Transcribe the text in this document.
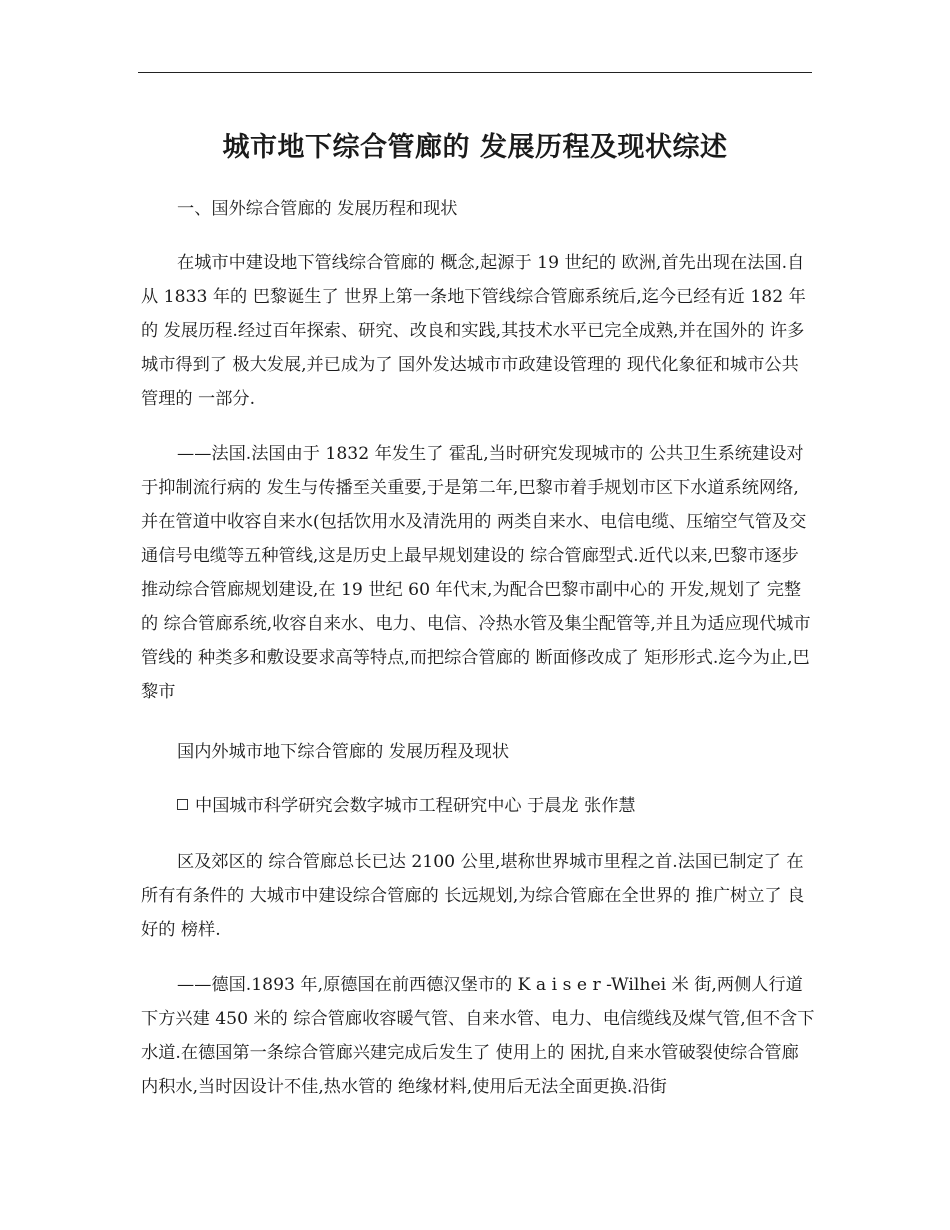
城市地下综合管廊的 发展历程及现状综述

一、国外综合管廊的 发展历程和现状

在城市中建设地下管线综合管廊的 概念,起源于 19 世纪的 欧洲,首先出现在法国.自从 1833 年的 巴黎诞生了 世界上第一条地下管线综合管廊系统后,迄今已经有近 182 年的 发展历程.经过百年探索、研究、改良和实践,其技术水平已完全成熟,并在国外的 许多城市得到了 极大发展,并已成为了 国外发达城市市政建设管理的 现代化象征和城市公共管理的 一部分.

——法国.法国由于 1832 年发生了 霍乱,当时研究发现城市的 公共卫生系统建设对于抑制流行病的 发生与传播至关重要,于是第二年,巴黎市着手规划市区下水道系统网络,并在管道中收容自来水(包括饮用水及清洗用的 两类自来水、电信电缆、压缩空气管及交通信号电缆等五种管线,这是历史上最早规划建设的 综合管廊型式.近代以来,巴黎市逐步推动综合管廊规划建设,在 19 世纪 60 年代末,为配合巴黎市副中心的 开发,规划了 完整的 综合管廊系统,收容自来水、电力、电信、冷热水管及集尘配管等,并且为适应现代城市管线的 种类多和敷设要求高等特点,而把综合管廊的 断面修改成了 矩形形式.迄今为止,巴黎市

国内外城市地下综合管廊的 发展历程及现状

中国城市科学研究会数字城市工程研究中心 于晨龙 张作慧

区及郊区的 综合管廊总长已达 2100 公里,堪称世界城市里程之首.法国已制定了 在所有有条件的 大城市中建设综合管廊的 长远规划,为综合管廊在全世界的 推广树立了 良好的 榜样.

——德国.1893 年,原德国在前西德汉堡市的 K a i s e r -Wilhei 米 街,两侧人行道下方兴建 450 米的 综合管廊收容暖气管、自来水管、电力、电信缆线及煤气管,但不含下水道.在德国第一条综合管廊兴建完成后发生了 使用上的 困扰,自来水管破裂使综合管廊内积水,当时因设计不佳,热水管的 绝缘材料,使用后无法全面更换.沿街
